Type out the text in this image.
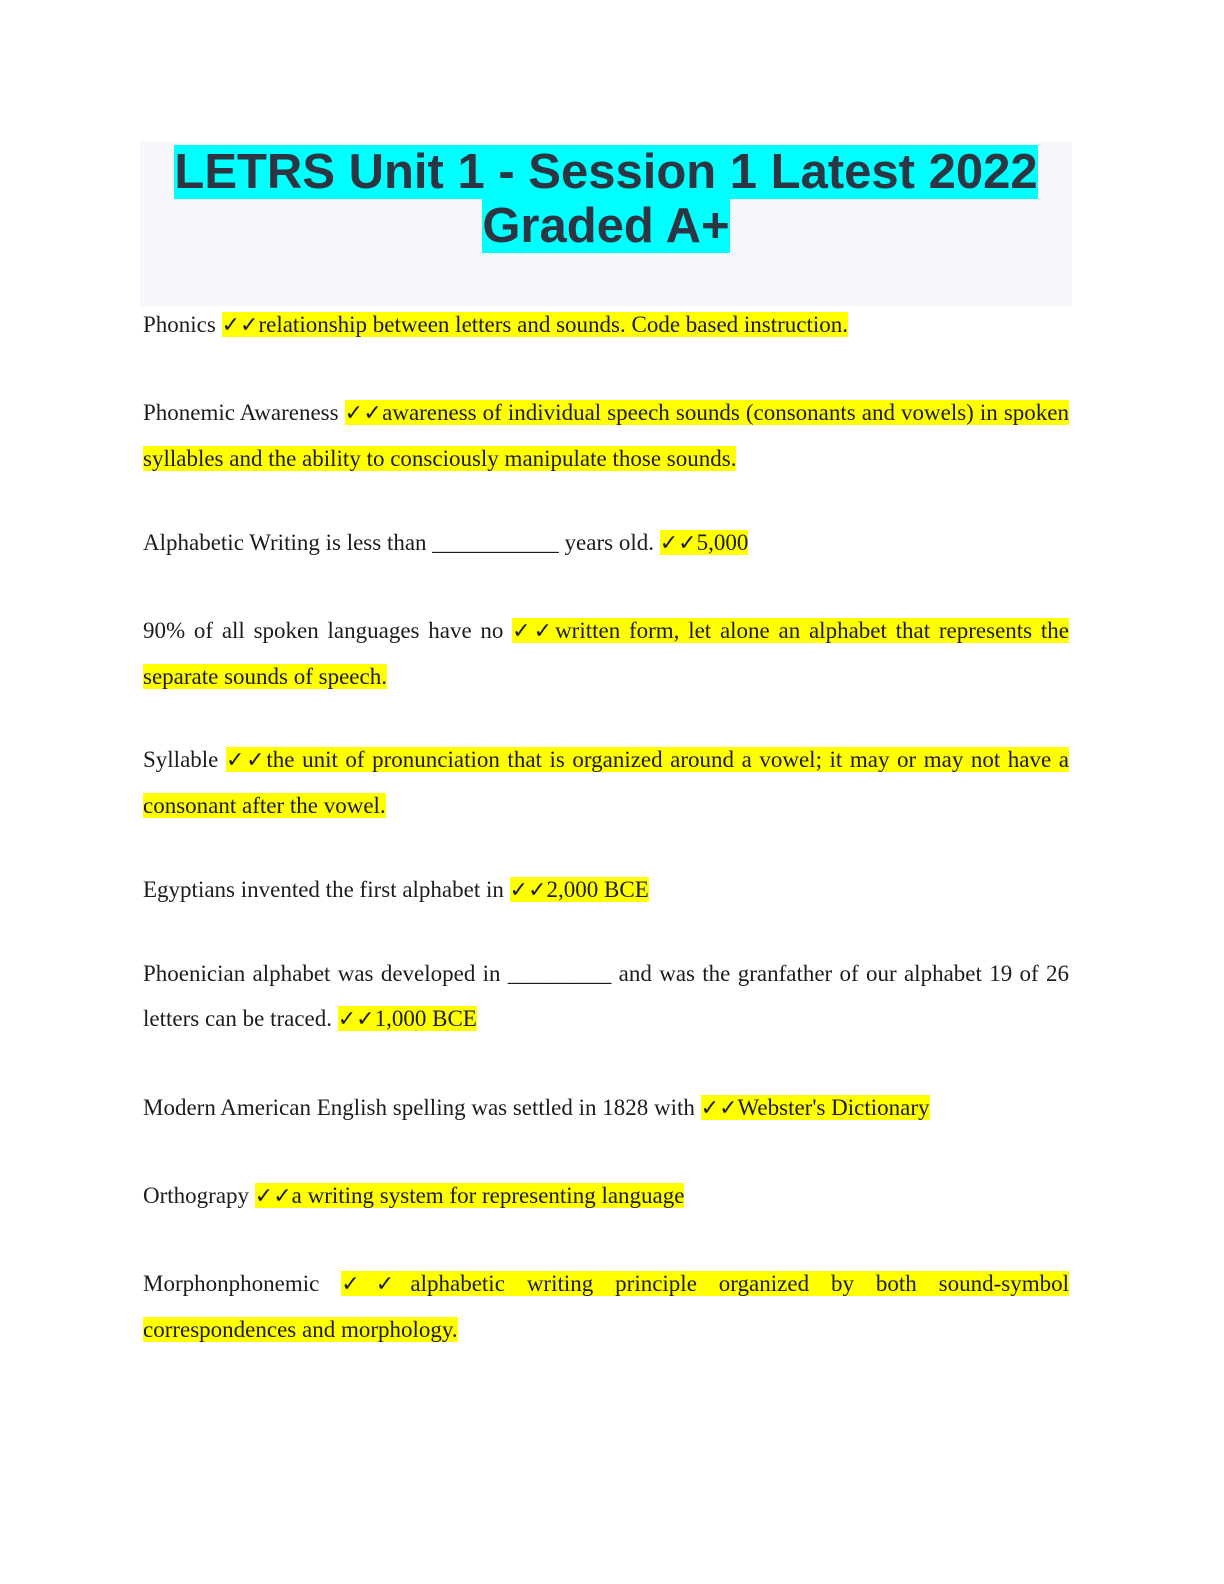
LETRS Unit 1 - Session 1 Latest 2022 Graded A+

Phonics ✓✓relationship between letters and sounds. Code based instruction.

Phonemic Awareness ✓✓awareness of individual speech sounds (consonants and vowels) in spoken syllables and the ability to consciously manipulate those sounds.

Alphabetic Writing is less than ___________ years old. ✓✓5,000

90% of all spoken languages have no ✓✓written form, let alone an alphabet that represents the separate sounds of speech.

Syllable ✓✓the unit of pronunciation that is organized around a vowel; it may or may not have a consonant after the vowel.

Egyptians invented the first alphabet in ✓✓2,000 BCE

Phoenician alphabet was developed in _________ and was the granfather of our alphabet 19 of 26 letters can be traced. ✓✓1,000 BCE

Modern American English spelling was settled in 1828 with ✓✓Webster's Dictionary

Orthograpy ✓✓a writing system for representing language

Morphonphonemic ✓✓alphabetic writing principle organized by both sound-symbol correspondences and morphology.
